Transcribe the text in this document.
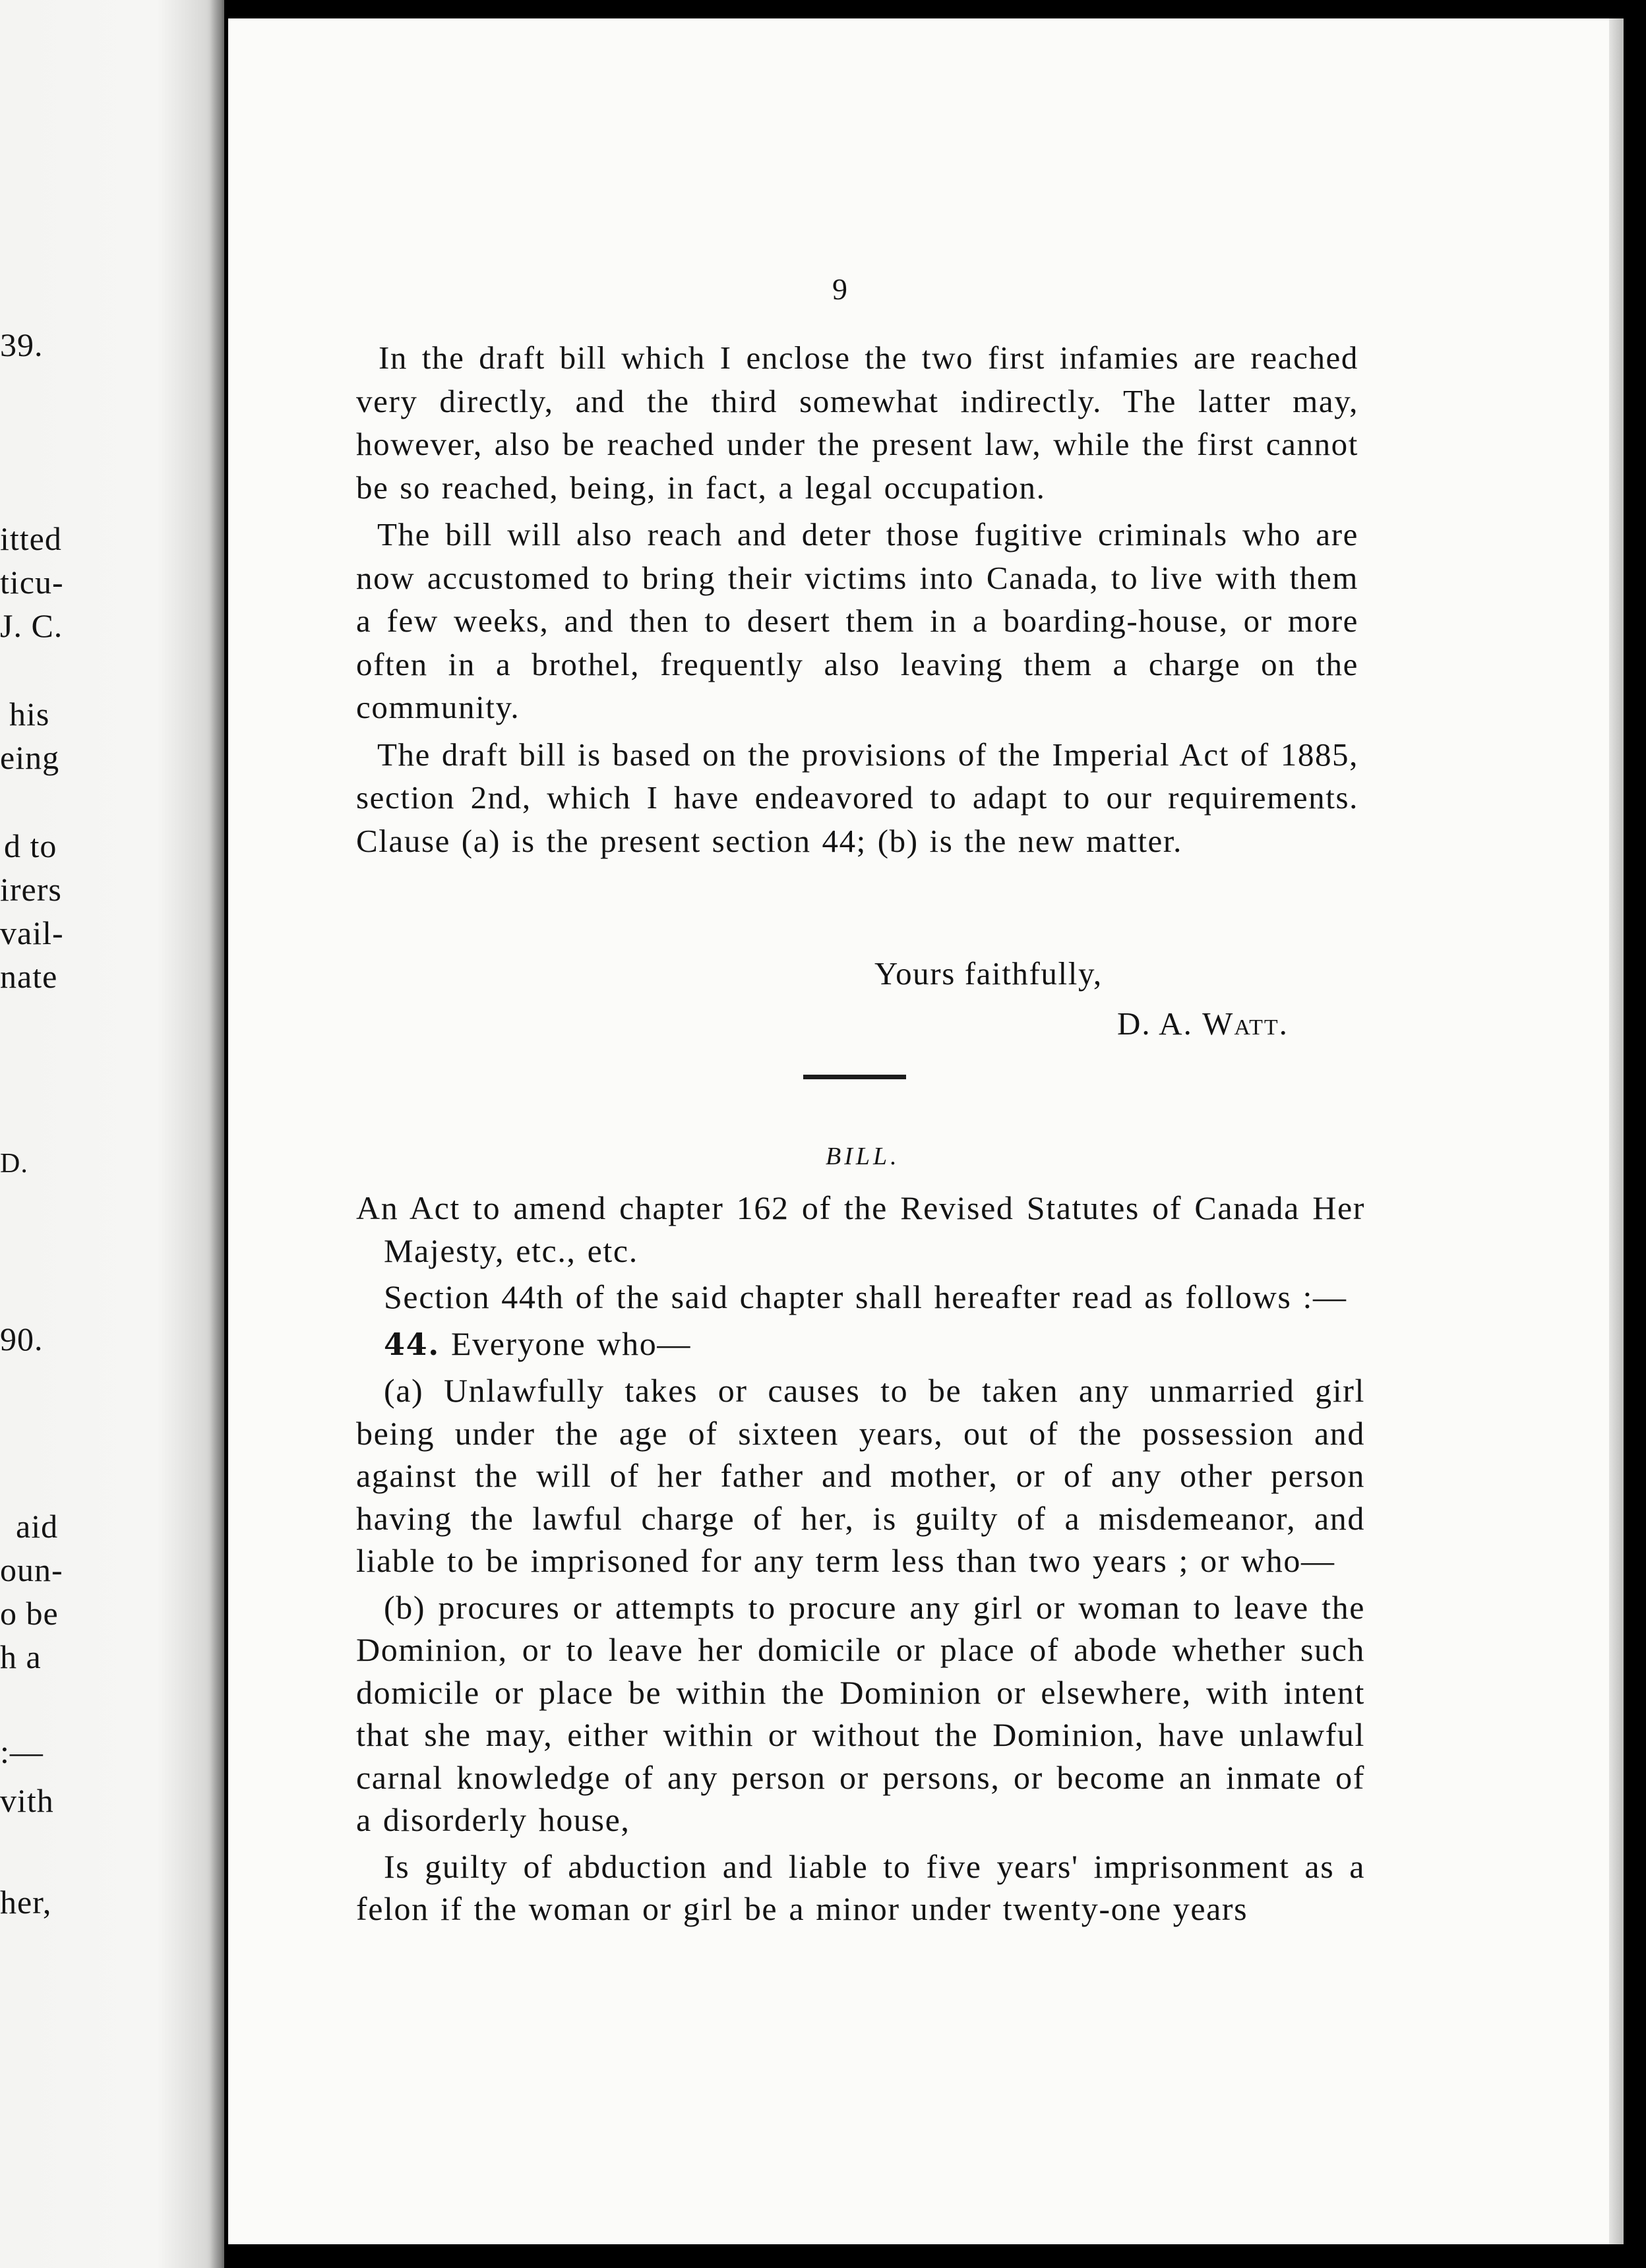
39.
itted
ticu-
J. C.
his
eing
d to
irers
vail-
nate
D.
90.
aid
oun-
o be
h a
:—
vith
her,
9

In the draft bill which I enclose the two first infamies are reached very directly, and the third somewhat indirectly. The latter may, however, also be reached under the present law, while the first cannot be so reached, being, in fact, a legal occupation.

The bill will also reach and deter those fugitive criminals who are now accustomed to bring their victims into Canada, to live with them a few weeks, and then to desert them in a boarding-house, or more often in a brothel, frequently also leaving them a charge on the community.

The draft bill is based on the provisions of the Imperial Act of 1885, section 2nd, which I have endeavored to adapt to our requirements. Clause (a) is the present section 44; (b) is the new matter.

Yours faithfully,
D. A. Watt.
BILL.

An Act to amend chapter 162 of the Revised Statutes of Canada Her Majesty, etc., etc.

Section 44th of the said chapter shall hereafter read as follows :—

44. Everyone who—

(a) Unlawfully takes or causes to be taken any unmarried girl being under the age of sixteen years, out of the possession and against the will of her father and mother, or of any other person having the lawful charge of her, is guilty of a misdemeanor, and liable to be imprisoned for any term less than two years ; or who—

(b) procures or attempts to procure any girl or woman to leave the Dominion, or to leave her domicile or place of abode whether such domicile or place be within the Dominion or elsewhere, with intent that she may, either within or without the Dominion, have unlawful carnal knowledge of any person or persons, or become an inmate of a disorderly house,

Is guilty of abduction and liable to five years' imprisonment as a felon if the woman or girl be a minor under twenty-one years
